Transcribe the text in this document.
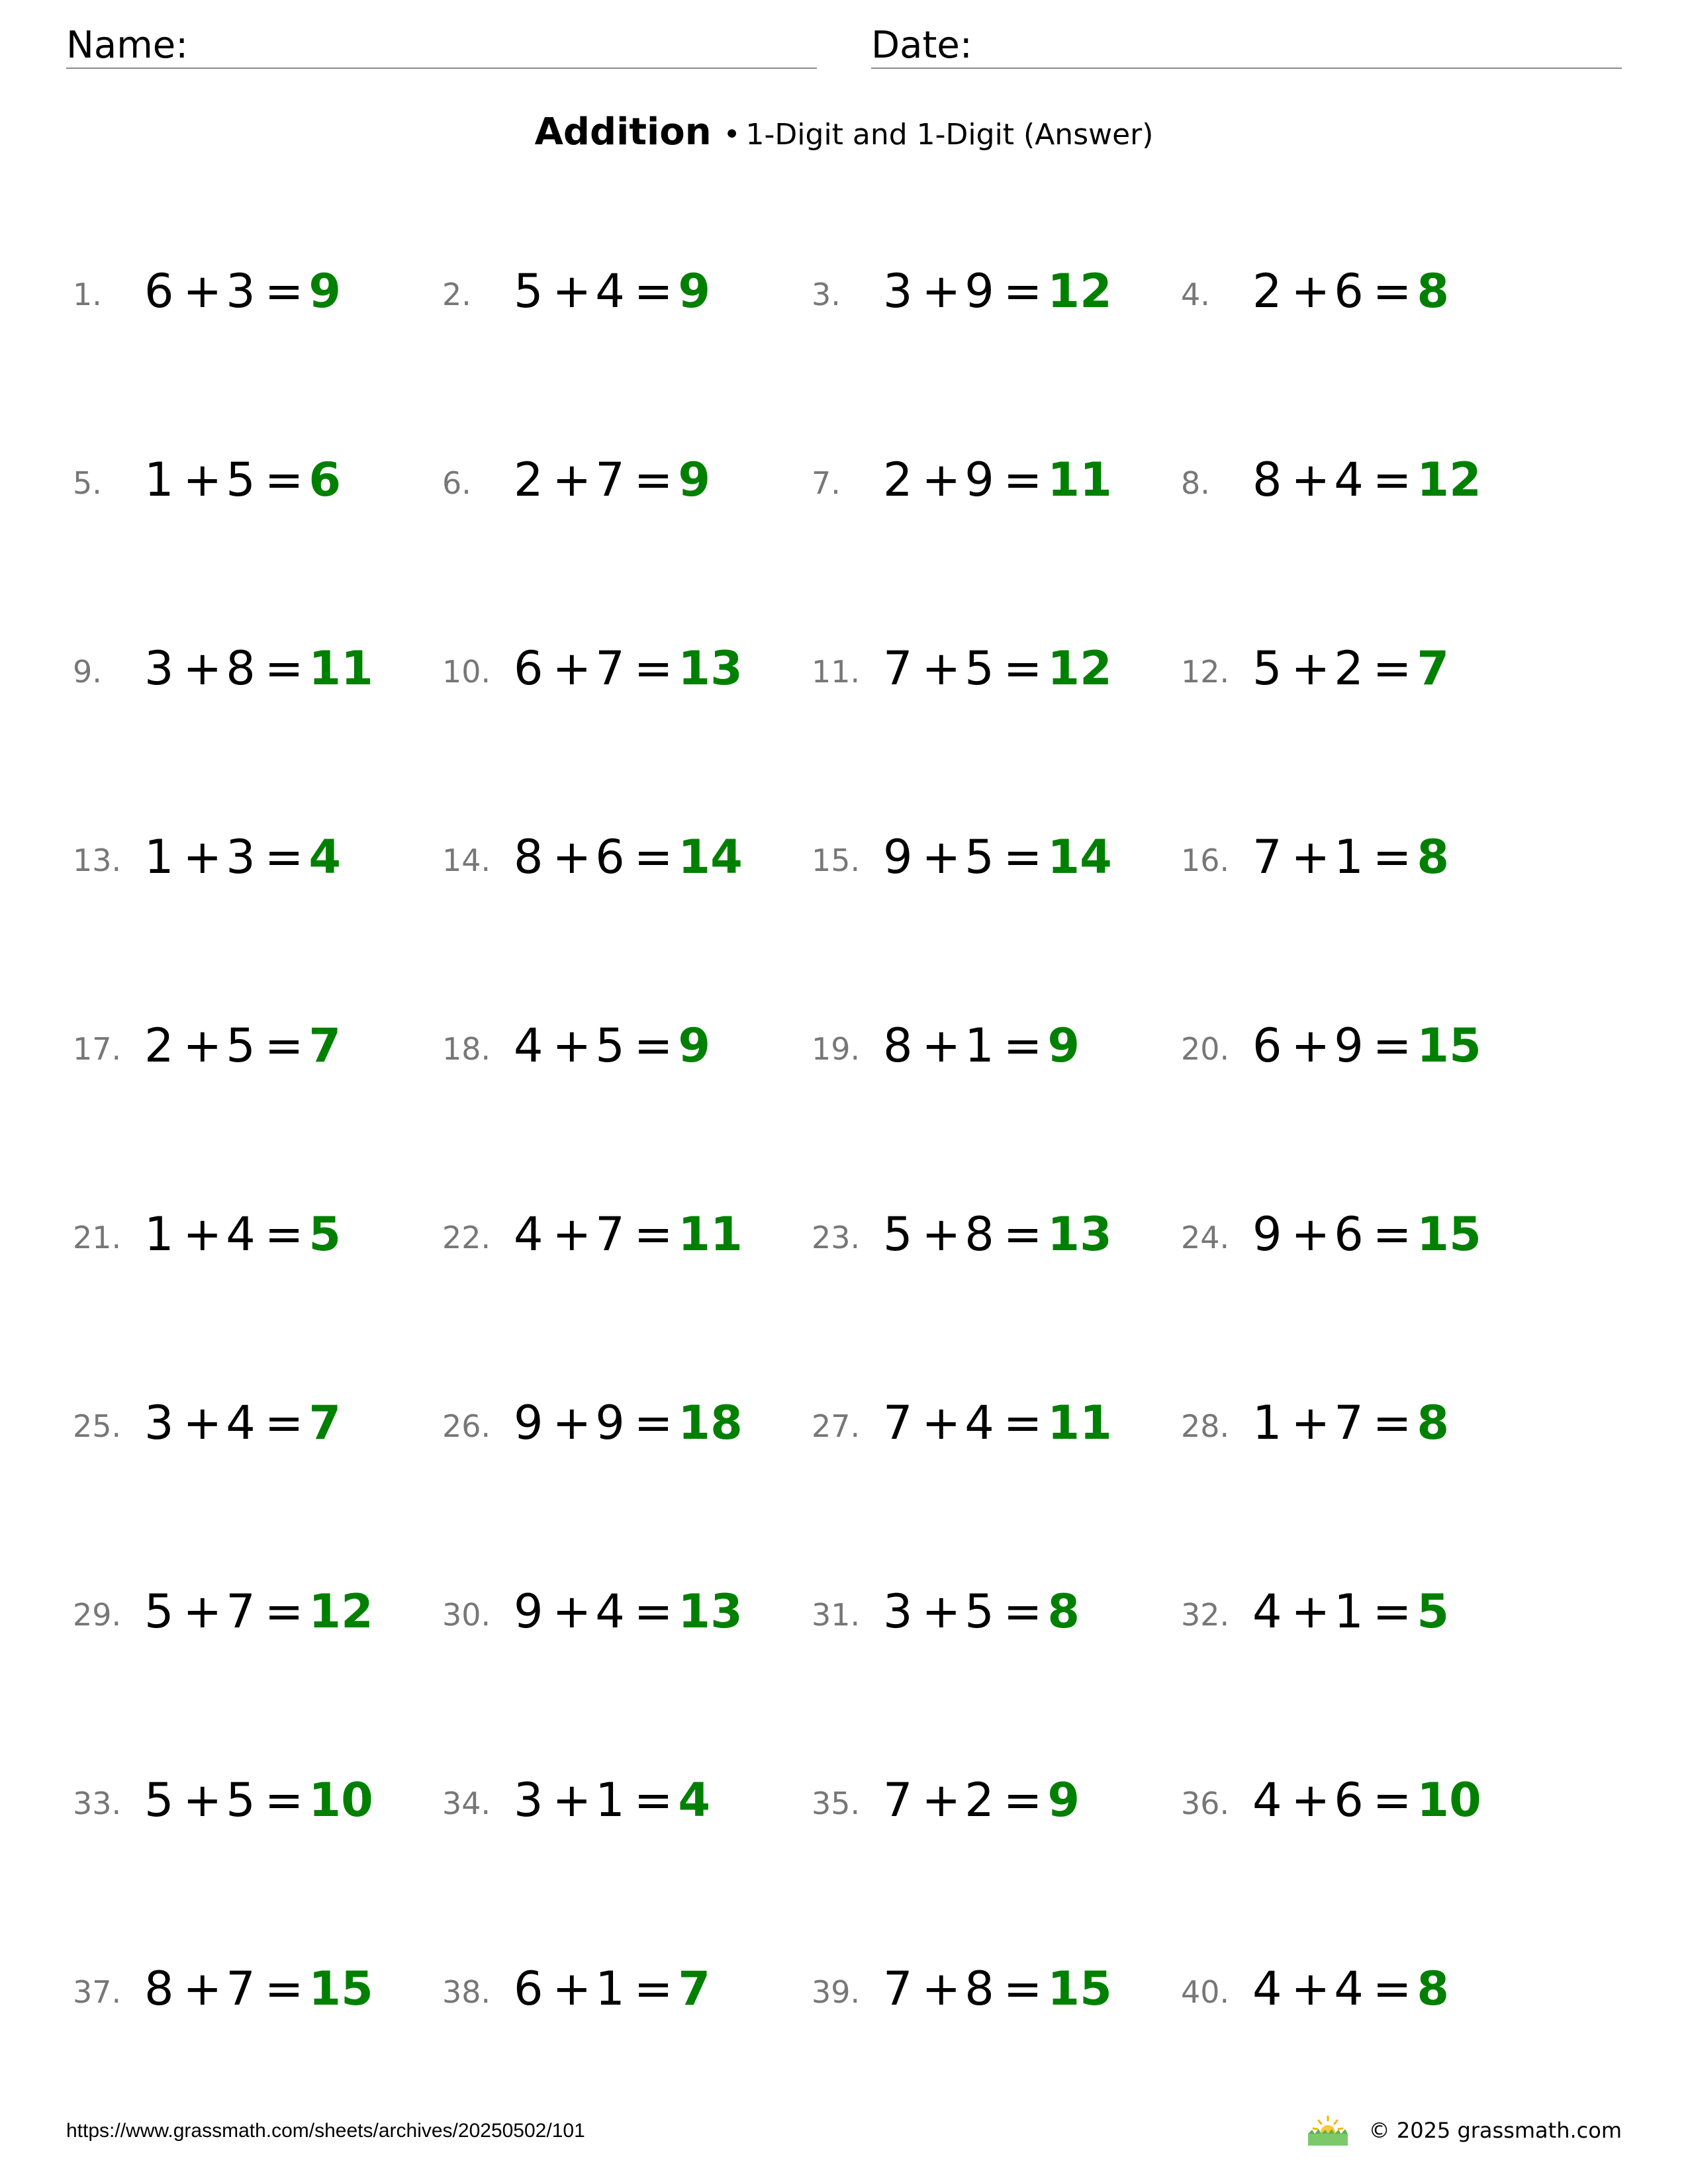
Name:	Date:
Addition • 1-Digit and 1-Digit (Answer)
1. 6 +3 = 9	2. 5 +4 = 9	3. 3 +9 = 12 4. 2 +6 = 8
5. 1 +5 = 6	6. 2 +7 = 9	7. 2 +9 = 11 8. 8 +4 = 12
9. 3 +8 = 11 10. 6 +7 = 13 11. 7 +5 = 12 12. 5 +2 = 7
13. 1 +3 = 4	14. 8 +6 = 14 15. 9 +5 = 14 16. 7 +1 = 8
17. 2 +5 = 7	18. 4 +5 = 9	19. 8 +1 = 9	20. 6 +9 = 15
21. 1 +4 = 5	22. 4 +7 = 11 23. 5 +8 = 13 24. 9 +6 = 15
25. 3 +4 = 7	26. 9 +9 = 18 27. 7 +4 = 11 28. 1 +7 = 8
29. 5 +7 = 12 30. 9 +4 = 13 31. 3 +5 = 8	32. 4 +1 = 5
33. 5 +5 = 10 34. 3 +1 = 4	35. 7 +2 = 9	36. 4 +6 = 10
37. 8 +7 = 15 38. 6 +1 = 7	39. 7 +8 = 15 40. 4 +4 = 8
https://www.grassmath.com/sheets/archives/20250502/101	© 2025 grassmath.com
